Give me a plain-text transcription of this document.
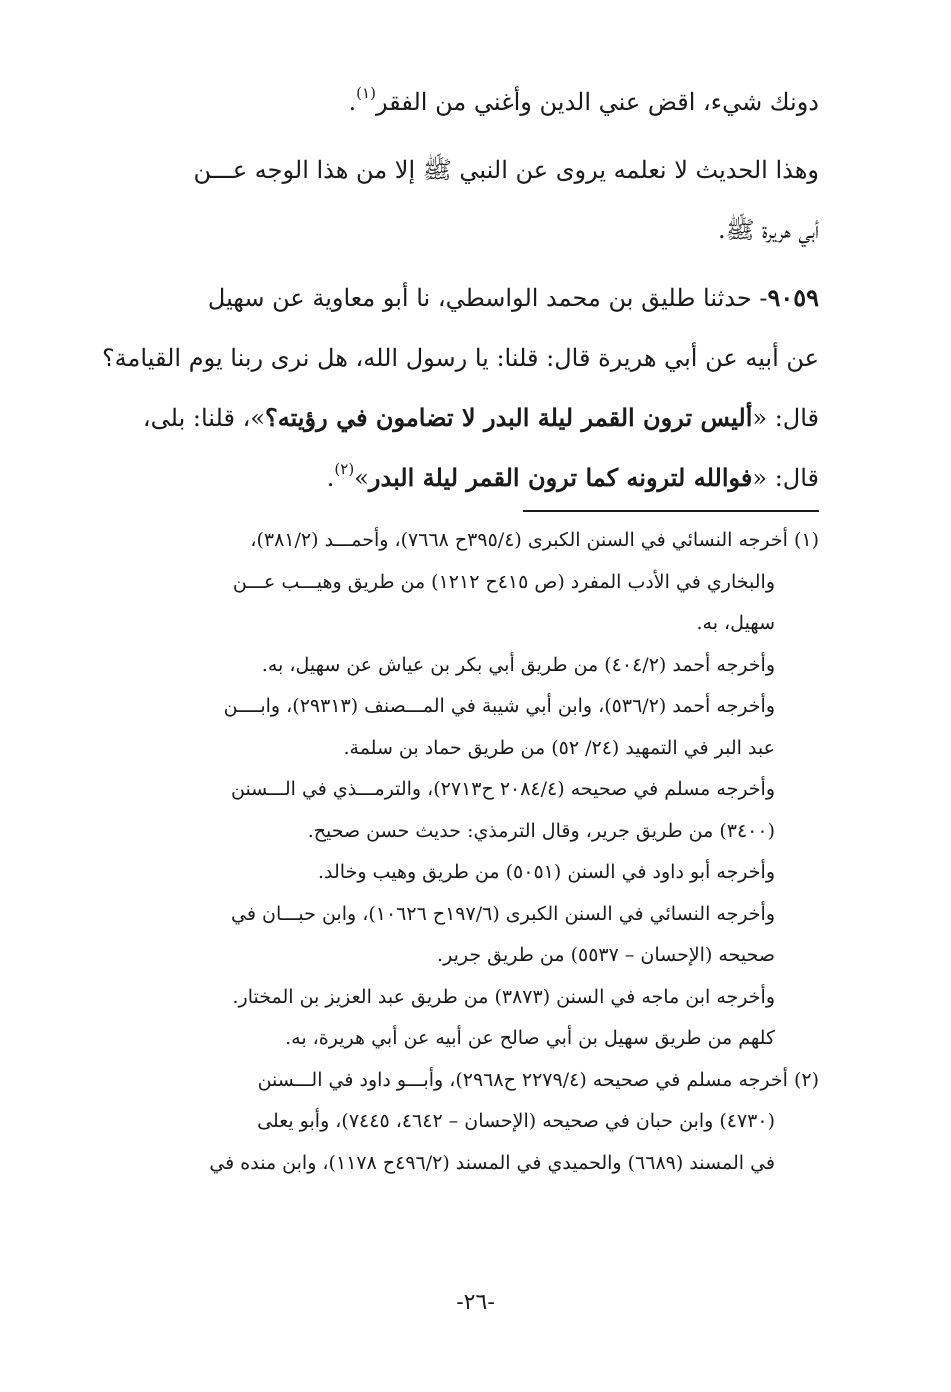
دونك شيء، اقض عني الدين وأغني من الفقر$^{(١)}$.

وهذا الحديث لا نعلمه يروى عن النبي ﷺ إلا من هذا الوجه عـــن
أبي هريرة ﷺ.

٩٠٥٩- حدثنا طليق بن محمد الواسطي، نا أبو معاوية عن سهيل
عن أبيه عن أبي هريرة قال: قلنا: يا رسول الله، هل نرى ربنا يوم القيامة؟
قال: «أليس ترون القمر ليلة البدر لا تضامون في رؤيته؟»، قلنا: بلى،
قال: «فوالله لترونه كما ترون القمر ليلة البدر»$^{(٢)}$.

(١) أخرجه النسائي في السنن الكبرى (٣٩٥/٤ح ٧٦٦٨)، وأحمـــد (٣٨١/٢)،
والبخاري في الأدب المفرد (ص ٤١٥ح ١٢١٢) من طريق وهيـــب عـــن
سهيل، به.
وأخرجه أحمد (٤٠٤/٢) من طريق أبي بكر بن عياش عن سهيل، به.
وأخرجه أحمد (٥٣٦/٢)، وابن أبي شيبة في المـــصنف (٢٩٣١٣)، وابــــن
عبد البر في التمهيد (٢٤/ ٥٢) من طريق حماد بن سلمة.
وأخرجه مسلم في صحيحه (٢٠٨٤/٤ ح٢٧١٣)، والترمـــذي في الـــسنن
(٣٤٠٠) من طريق جرير، وقال الترمذي: حديث حسن صحيح.
وأخرجه أبو داود في السنن (٥٠٥١) من طريق وهيب وخالد.
وأخرجه النسائي في السنن الكبرى (١٩٧/٦ح ١٠٦٢٦)، وابن حبـــان في
صحيحه (الإحسان – ٥٥٣٧) من طريق جرير.
وأخرجه ابن ماجه في السنن (٣٨٧٣) من طريق عبد العزيز بن المختار.
كلهم من طريق سهيل بن أبي صالح عن أبيه عن أبي هريرة، به.
(٢) أخرجه مسلم في صحيحه (٢٢٧٩/٤ ح٢٩٦٨)، وأبـــو داود في الـــسنن
(٤٧٣٠) وابن حبان في صحيحه (الإحسان – ٤٦٤٢، ٧٤٤٥)، وأبو يعلى
في المسند (٦٦٨٩) والحميدي في المسند (٤٩٦/٢ح ١١٧٨)، وابن منده في
-٢٦-
